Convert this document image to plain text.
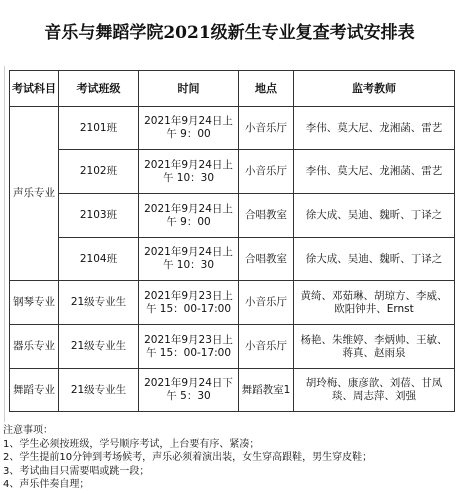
音乐与舞蹈学院2021级新生专业复查考试安排表
考试科目	考试班级	时间	地点	监考教师
声乐专业	2101班	2021年9月24日上午 9：00	小音乐厅	李伟、莫大尼、龙湘菡、雷艺
	2102班	2021年9月24日上午 10：30	小音乐厅	李伟、莫大尼、龙湘菡、雷艺
	2103班	2021年9月24日上午 9：00	合唱教室	徐大成、吴迪、魏昕、丁译之
	2104班	2021年9月24日上午 10：30	合唱教室	徐大成、吴迪、魏昕、丁译之
钢琴专业	21级专业生	2021年9月23日上午 15：00-17:00	小音乐厅	黄绮、邓茹琳、胡琼方、李威、欧阳钟井、Ernst
器乐专业	21级专业生	2021年9月23日上午 15：00-17:00	小音乐厅	杨艳、朱维婷、李炳帅、王敏、蒋真、赵雨泉
舞蹈专业	21级专业生	2021年9月24日下午 5：30	舞蹈教室1	胡玲梅、康彦歆、刘蓓、甘凤琰、周志萍、刘强
注意事项：
1、学生必须按班级，学号顺序考试，上台要有序、紧凑；
2、学生提前10分钟到考场候考，声乐必须着演出装，女生穿高跟鞋，男生穿皮鞋；
3、考试曲目只需要唱或跳一段；
4、声乐伴奏自理；
